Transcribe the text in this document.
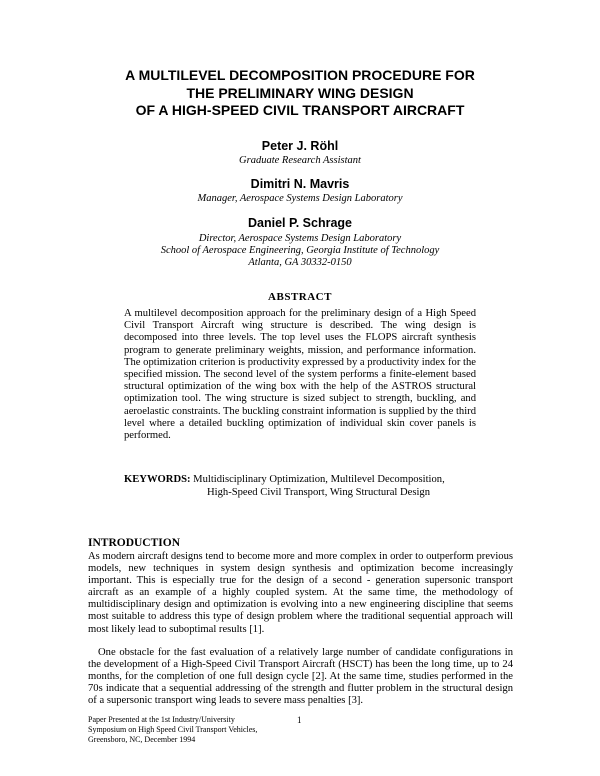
A MULTILEVEL DECOMPOSITION PROCEDURE FOR
THE PRELIMINARY WING DESIGN
OF A HIGH-SPEED CIVIL TRANSPORT AIRCRAFT
Peter J. Röhl
Graduate Research Assistant
Dimitri N. Mavris
Manager, Aerospace Systems Design Laboratory
Daniel P. Schrage
Director, Aerospace Systems Design Laboratory
School of Aerospace Engineering, Georgia Institute of Technology
Atlanta, GA 30332-0150
ABSTRACT
A multilevel decomposition approach for the preliminary design of a High Speed Civil Transport Aircraft wing structure is described. The wing design is decomposed into three levels. The top level uses the FLOPS aircraft synthesis program to generate preliminary weights, mission, and performance information. The optimization criterion is productivity expressed by a productivity index for the specified mission. The second level of the system performs a finite-element based structural optimization of the wing box with the help of the ASTROS structural optimization tool. The wing structure is sized subject to strength, buckling, and aeroelastic constraints. The buckling constraint information is supplied by the third level where a detailed buckling optimization of individual skin cover panels is performed.
KEYWORDS: Multidisciplinary Optimization, Multilevel Decomposition,
High-Speed Civil Transport, Wing Structural Design
INTRODUCTION
As modern aircraft designs tend to become more and more complex in order to outperform previous models, new techniques in system design synthesis and optimization become increasingly important. This is especially true for the design of a second - generation supersonic transport aircraft as an example of a highly coupled system. At the same time, the methodology of multidisciplinary design and optimization is evolving into a new engineering discipline that seems most suitable to address this type of design problem where the traditional sequential approach will most likely lead to suboptimal results [1].
One obstacle for the fast evaluation of a relatively large number of candidate configurations in the development of a High-Speed Civil Transport Aircraft (HSCT) has been the long time, up to 24 months, for the completion of one full design cycle [2]. At the same time, studies performed in the 70s indicate that a sequential addressing of the strength and flutter problem in the structural design of a supersonic transport wing leads to severe mass penalties [3].
Paper Presented at the 1st Industry/University
Symposium on High Speed Civil Transport Vehicles,
Greensboro, NC, December 1994
1
